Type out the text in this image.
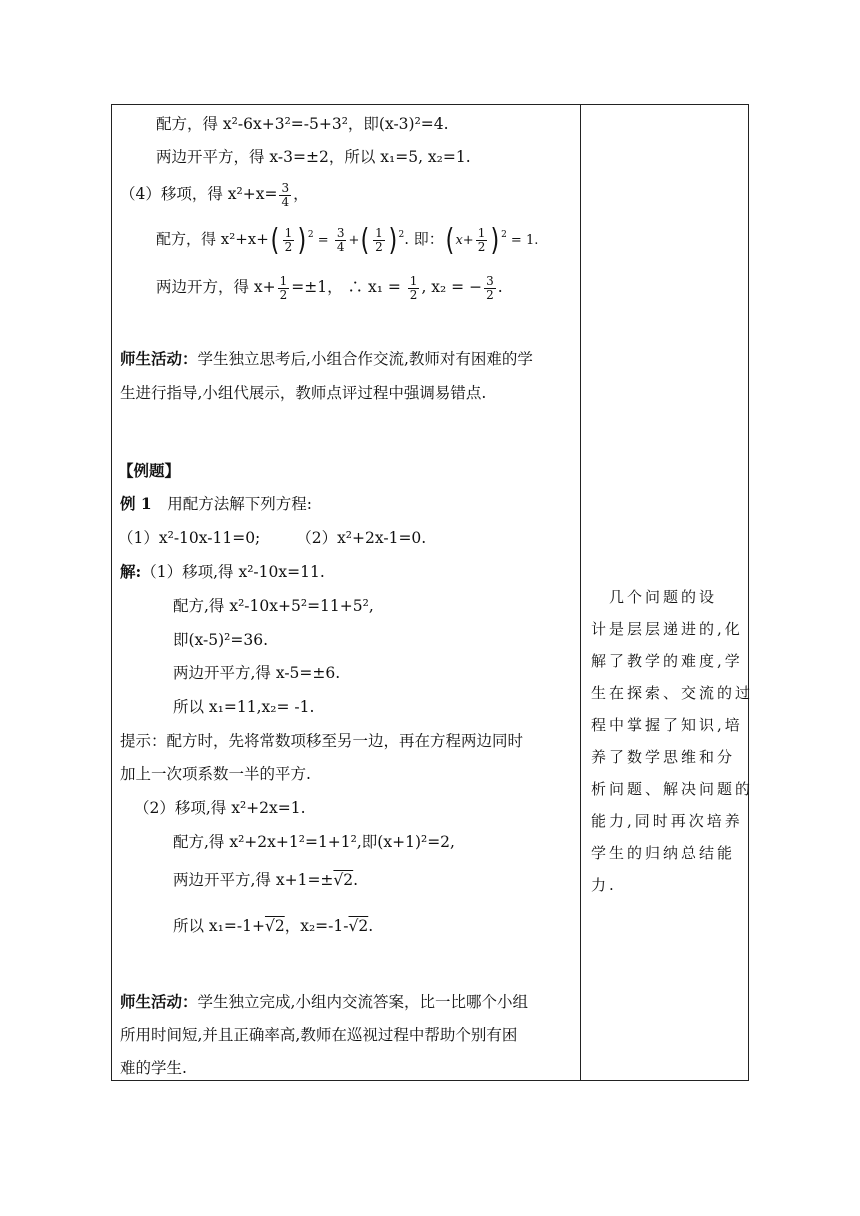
配方，得 x²-6x+3²=-5+3²，即(x-3)²=4.
两边开平方，得 x-3=±2，所以 x₁=5, x₂=1.
（4）移项，得 $x^2+x= \frac{3}{4}$ ，
配方，得 x²+x+ ( $\frac{1}{2}$ ) $2 = \frac{3}{4}$ + ( $\frac{1}{2}$ ) 2 . 即： ( $x + \frac{1}{2}$ ) 2 = 1.
两边开方，得 $x+ \frac{1}{2} =\pm 1$， ∴ $x_1 = \frac{1}{2}$ , x₂ = − $\frac{3}{2}$ .
师生活动：学生独立思考后,小组合作交流,教师对有困难的学
生进行指导,小组代展示，教师点评过程中强调易错点.
【例题】
例 1　 用配方法解下列方程:
（1）x²-10x-11=0;　　 （2）x²+2x-1=0.
解:（1）移项,得 x²-10x=11.
配方,得 x²-10x+5²=11+5²,
即(x-5)²=36.
两边开平方,得 x-5=±6.
所以 x₁=11,x₂= -1.
提示：配方时，先将常数项移至另一边，再在方程两边同时
加上一次项系数一半的平方.
（2）移项,得 x²+2x=1.
配方,得 x²+2x+1²=1+1²,即(x+1)²=2,
两边开平方,得 x+1=±√2.
所以 x₁=-1+√2，x₂=-1-√2.
师生活动：学生独立完成,小组内交流答案，比一比哪个小组
所用时间短,并且正确率高,教师在巡视过程中帮助个别有困
难的学生.
　几个问题的设
计是层层递进的,化
解了教学的难度,学
生在探索、交流的过
程中掌握了知识,培
养了数学思维和分
析问题、解决问题的
能力,同时再次培养
学生的归纳总结能
力.
